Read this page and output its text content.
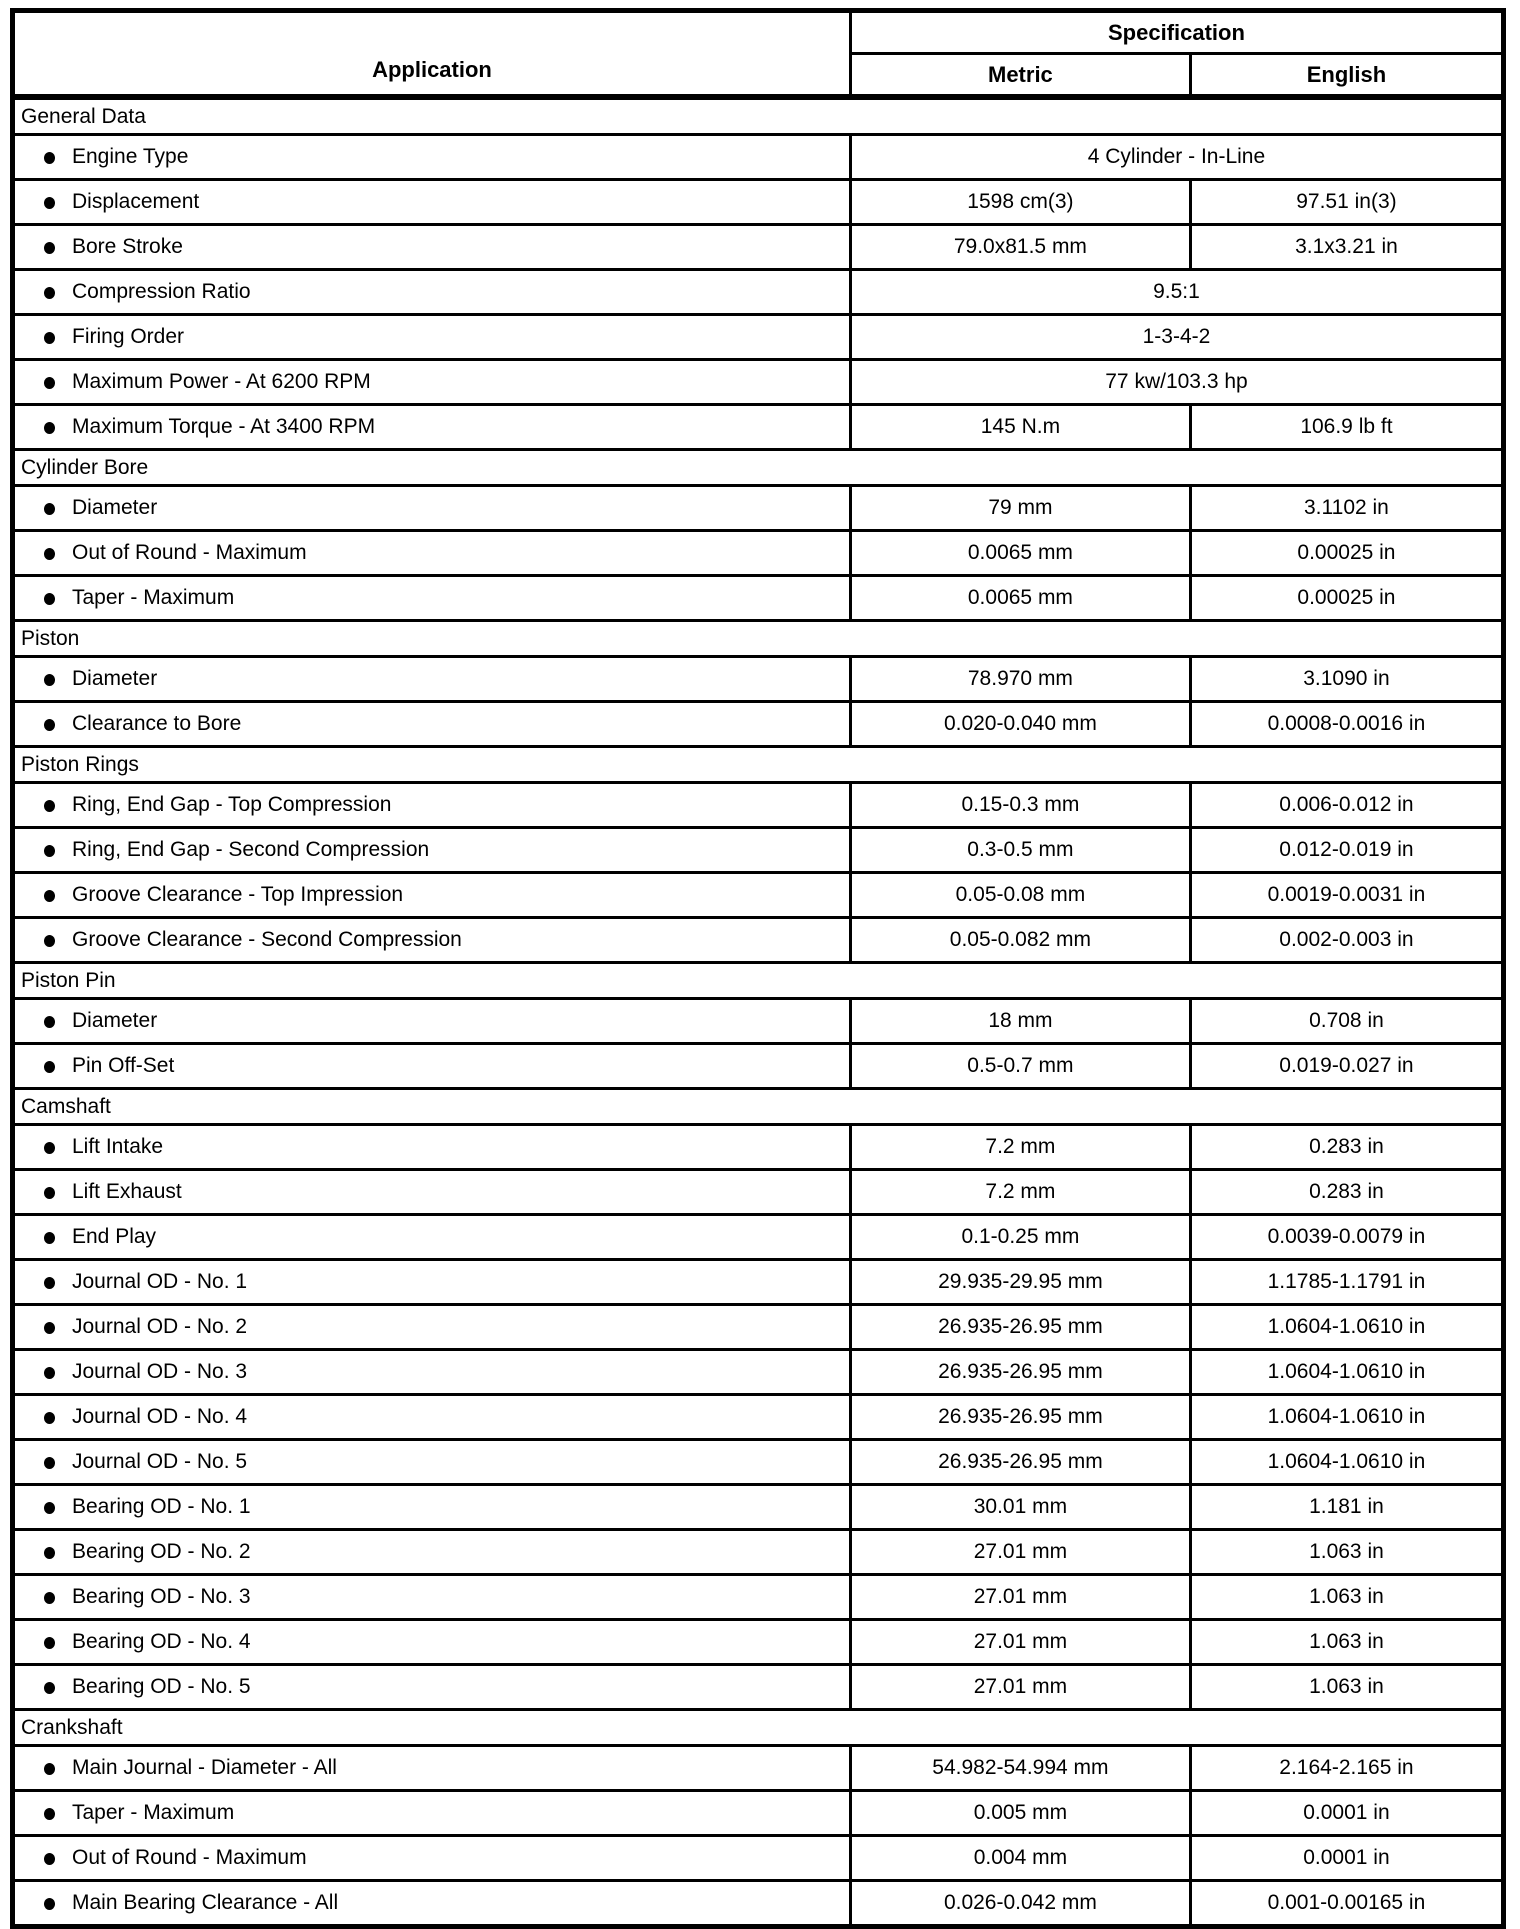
Application	Specification	
	Metric	English
General Data		
Engine Type	4 Cylinder - In-Line	
Displacement	1598 cm(3)	97.51 in(3)
Bore Stroke	79.0x81.5 mm	3.1x3.21 in
Compression Ratio	9.5:1	
Firing Order	1-3-4-2	
Maximum Power - At 6200 RPM	77 kw/103.3 hp	
Maximum Torque - At 3400 RPM	145 N.m	106.9 lb ft
Cylinder Bore		
Diameter	79 mm	3.1102 in
Out of Round - Maximum	0.0065 mm	0.00025 in
Taper - Maximum	0.0065 mm	0.00025 in
Piston		
Diameter	78.970 mm	3.1090 in
Clearance to Bore	0.020-0.040 mm	0.0008-0.0016 in
Piston Rings		
Ring, End Gap - Top Compression	0.15-0.3 mm	0.006-0.012 in
Ring, End Gap - Second Compression	0.3-0.5 mm	0.012-0.019 in
Groove Clearance - Top Impression	0.05-0.08 mm	0.0019-0.0031 in
Groove Clearance - Second Compression	0.05-0.082 mm	0.002-0.003 in
Piston Pin		
Diameter	18 mm	0.708 in
Pin Off-Set	0.5-0.7 mm	0.019-0.027 in
Camshaft		
Lift Intake	7.2 mm	0.283 in
Lift Exhaust	7.2 mm	0.283 in
End Play	0.1-0.25 mm	0.0039-0.0079 in
Journal OD - No. 1	29.935-29.95 mm	1.1785-1.1791 in
Journal OD - No. 2	26.935-26.95 mm	1.0604-1.0610 in
Journal OD - No. 3	26.935-26.95 mm	1.0604-1.0610 in
Journal OD - No. 4	26.935-26.95 mm	1.0604-1.0610 in
Journal OD - No. 5	26.935-26.95 mm	1.0604-1.0610 in
Bearing OD - No. 1	30.01 mm	1.181 in
Bearing OD - No. 2	27.01 mm	1.063 in
Bearing OD - No. 3	27.01 mm	1.063 in
Bearing OD - No. 4	27.01 mm	1.063 in
Bearing OD - No. 5	27.01 mm	1.063 in
Crankshaft		
Main Journal - Diameter - All	54.982-54.994 mm	2.164-2.165 in
Taper - Maximum	0.005 mm	0.0001 in
Out of Round - Maximum	0.004 mm	0.0001 in
Main Bearing Clearance - All	0.026-0.042 mm	0.001-0.00165 in
